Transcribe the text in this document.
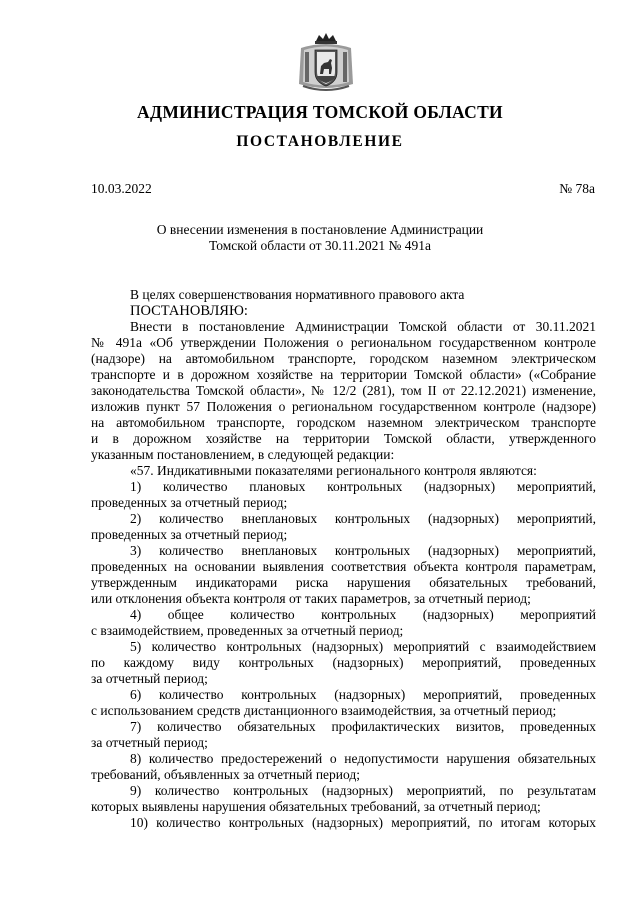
АДМИНИСТРАЦИЯ ТОМСКОЙ ОБЛАСТИ
ПОСТАНОВЛЕНИЕ
10.03.2022	№ 78а
О внесении изменения в постановление Администрации
Томской области от 30.11.2021 № 491а
В целях совершенствования нормативного правового акта
ПОСТАНОВЛЯЮ:
Внести в постановление Администрации Томской области от 30.11.2021
№ 491а «Об утверждении Положения о региональном государственном контроле
(надзоре) на автомобильном транспорте, городском наземном электрическом
транспорте и в дорожном хозяйстве на территории Томской области» («Собрание
законодательства Томской области», № 12/2 (281), том II от 22.12.2021) изменение,
изложив пункт 57 Положения о региональном государственном контроле (надзоре)
на автомобильном транспорте, городском наземном электрическом транспорте
и в дорожном хозяйстве на территории Томской области, утвержденного
указанным постановлением, в следующей редакции:
«57. Индикативными показателями регионального контроля являются:
1) количество плановых контрольных (надзорных) мероприятий,
проведенных за отчетный период;
2) количество внеплановых контрольных (надзорных) мероприятий,
проведенных за отчетный период;
3) количество внеплановых контрольных (надзорных) мероприятий,
проведенных на основании выявления соответствия объекта контроля параметрам,
утвержденным индикаторами риска нарушения обязательных требований,
или отклонения объекта контроля от таких параметров, за отчетный период;
4) общее количество контрольных (надзорных) мероприятий
с взаимодействием, проведенных за отчетный период;
5) количество контрольных (надзорных) мероприятий с взаимодействием
по каждому виду контрольных (надзорных) мероприятий, проведенных
за отчетный период;
6) количество контрольных (надзорных) мероприятий, проведенных
с использованием средств дистанционного взаимодействия, за отчетный период;
7) количество обязательных профилактических визитов, проведенных
за отчетный период;
8) количество предостережений о недопустимости нарушения обязательных
требований, объявленных за отчетный период;
9) количество контрольных (надзорных) мероприятий, по результатам
которых выявлены нарушения обязательных требований, за отчетный период;
10) количество контрольных (надзорных) мероприятий, по итогам которых
